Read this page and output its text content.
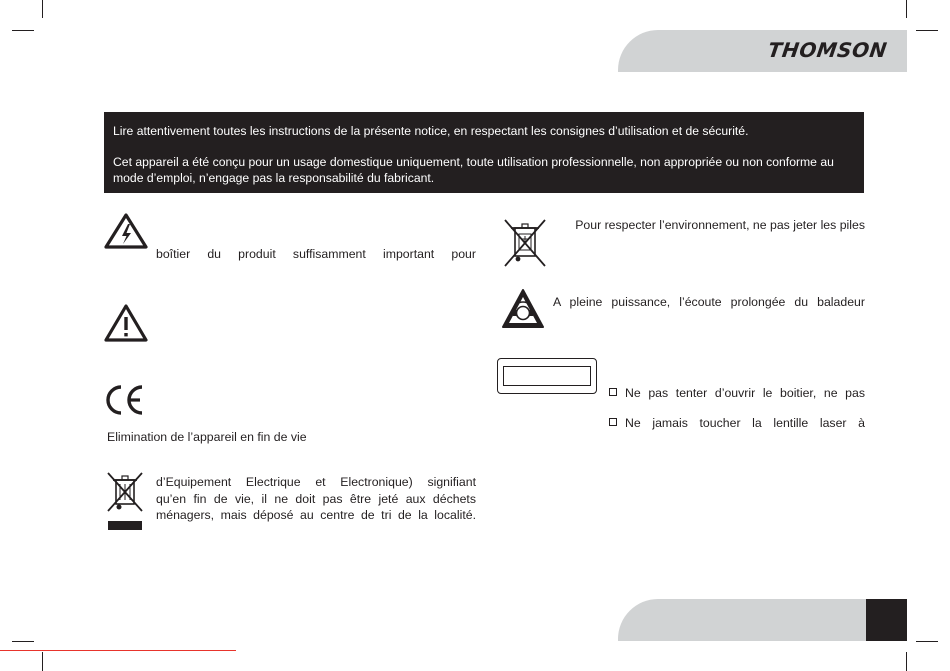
THOMSON

Lire attentivement toutes les instructions de la présente notice, en respectant les consignes d’utilisation et de sécurité.

Cet appareil a été conçu pour un usage domestique uniquement, toute utilisation professionnelle, non appropriée ou non conforme au mode d’emploi, n’engage pas la responsabilité du fabricant.

boîtier du produit suffisamment important pour
Elimination de l’appareil en fin de vie
d’Equipement Electrique et Electronique) signifiant
qu’en fin de vie, il ne doit pas être jeté aux déchets
ménagers, mais déposé au centre de tri de la localité.
Pour respecter l’environnement, ne pas jeter les piles
A pleine puissance, l’écoute prolongée du baladeur
Ne pas tenter d’ouvrir le boitier, ne pas
Ne jamais toucher la lentille laser à
